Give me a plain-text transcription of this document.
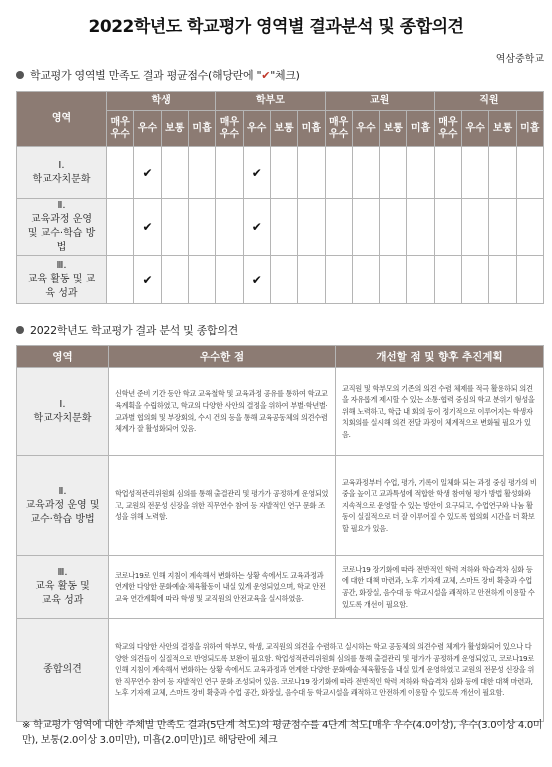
2022학년도 학교평가 영역별 결과분석 및 종합의견
역삼중학교
학교평가 영역별 만족도 결과 평균점수(해당란에 "✔"체크)
영역	학생				학부모				교원				직원			
	매우 우수	우수	보통	미흡	매우 우수	우수	보통	미흡	매우 우수	우수	보통	미흡	매우 우수	우수	보통	미흡

Ⅰ.
학교자치문화		✔				✔										

Ⅱ.
교육과정 운영 및 교수·학습 방법		✔				✔										

Ⅲ.
교육 활동 및 교육 성과		✔				✔										
2022학년도 학교평가 결과 분석 및 종합의견
영역	우수한 점	개선할 점 및 향후 추진계획

Ⅰ.
학교자치문화	신학년 준비 기간 동안 학교 교육철학 및 교육과정 공유를 통하여 학교교육계획을 수립하였고, 학교의 다양한 사안의 결정을 위하여 부별·학년별·교과별 협의회 및 부장회의, 수시 건의 등을 통해 교육공동체의 의견수렴 체계가 잘 활성화되어 있음.	교직원 및 학부모의 기존의 의견 수렴 체제를 적극 활용하되 의견을 자유롭게 제시할 수 있는 소통·협력 중심의 학교 분위기 형성을 위해 노력하고, 학급 내 회의 등이 정기적으로 이루어지는 학생자치회의를 실시해 의견 전달 과정이 체계적으로 변화될 필요가 있음.

Ⅱ.
교육과정 운영 및 교수·학습 방법	학업성적관리위원회 심의를 통해 출결관리 및 평가가 공정하게 운영되었고, 교원의 전문성 신장을 위한 직무연수 참여 등 자발적인 연구 문화 조성을 위해 노력함.	교육과정부터 수업, 평가, 기록이 일체화 되는 과정 중심 평가의 비중을 높이고 교과특성에 적합한 학생 참여형 평가 방법 활성화와 지속적으로 운영할 수 있는 방안이 요구되고, 수업연구와 나눔 활동이 실질적으로 더 잘 이루어질 수 있도록 협의회 시간을 더 확보할 필요가 있음.

Ⅲ.
교육 활동 및 교육 성과	코로나19로 인해 지침이 계속해서 변화하는 상황 속에서도 교육과정과 연계한 다양한 문화예술·체육활동이 내실 있게 운영되었으며, 학교 안전교육 연간계획에 따라 학생 및 교직원의 안전교육을 실시하였음.	코로나19 장기화에 따라 전반적인 학력 저하와 학습격차 심화 등에 대한 대책 마련과, 노후 기자재 교체, 스마트 장비 확충과 수업 공간, 화장실, 음수대 등 학교시설을 쾌적하고 안전하게 이용할 수 있도록 개선이 필요함.
종합의견	학교의 다양한 사안의 결정을 위하여 학부모, 학생, 교직원의 의견을 수렴하고 실시하는 학교 공동체의 의견수렴 체계가 활성화되어 있으나 다양한 의견들이 실질적으로 반영되도록 보완이 필요함. 학업성적관리위원회 심의를 통해 출결관리 및 평가가 공정하게 운영되었고, 코로나19로 인해 지침이 계속해서 변화하는 상황 속에서도 교육과정과 연계한 다양한 문화예술·체육활동을 내실 있게 운영하였고 교원의 전문성 신장을 위한 직무연수 참여 등 자발적인 연구 문화 조성되어 있음. 코로나19 장기화에 따라 전반적인 학력 저하와 학습격차 심화 등에 대한 대책 마련과, 노후 기자재 교체, 스마트 장비 확충과 수업 공간, 화장실, 음수대 등 학교시설을 쾌적하고 안전하게 이용할 수 있도록 개선이 필요함.	
※ 학교평가 영역에 대한 주체별 만족도 결과(5단계 척도)의 평균점수를 4단계 척도[매우 우수(4.0이상), 우수(3.0이상 4.0미만), 보통(2.0이상 3.0미만), 미흡(2.0미만)]로 해당란에 체크
